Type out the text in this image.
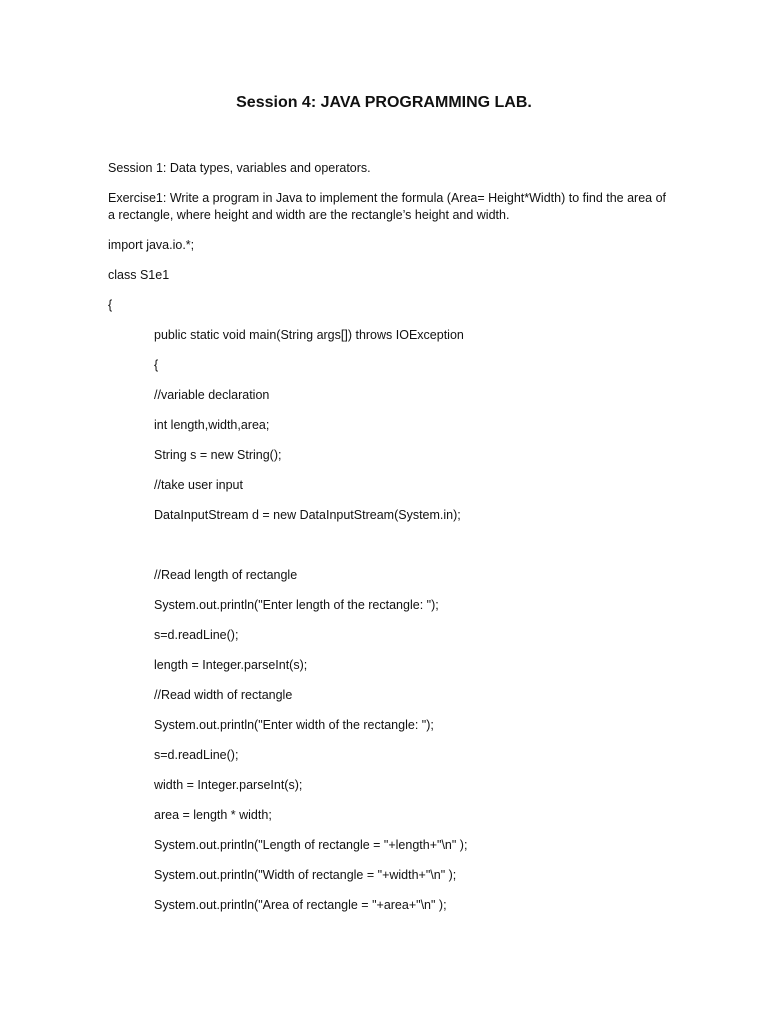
Session 4: JAVA PROGRAMMING LAB.
Session 1: Data types, variables and operators.
Exercise1: Write a program in Java to implement the formula (Area= Height*Width) to find the area of
a rectangle, where height and width are the rectangle’s height and width.
import java.io.*;
class S1e1
{
public static void main(String args[]) throws IOException
{
//variable declaration
int length,width,area;
String s = new String();
//take user input
DataInputStream d = new DataInputStream(System.in);
//Read length of rectangle
System.out.println("Enter length of the rectangle: ");
s=d.readLine();
length = Integer.parseInt(s);
//Read width of rectangle
System.out.println("Enter width of the rectangle: ");
s=d.readLine();
width = Integer.parseInt(s);
area = length * width;
System.out.println("Length of rectangle = "+length+"\n" );
System.out.println("Width of rectangle = "+width+"\n" );
System.out.println("Area of rectangle = "+area+"\n" );
